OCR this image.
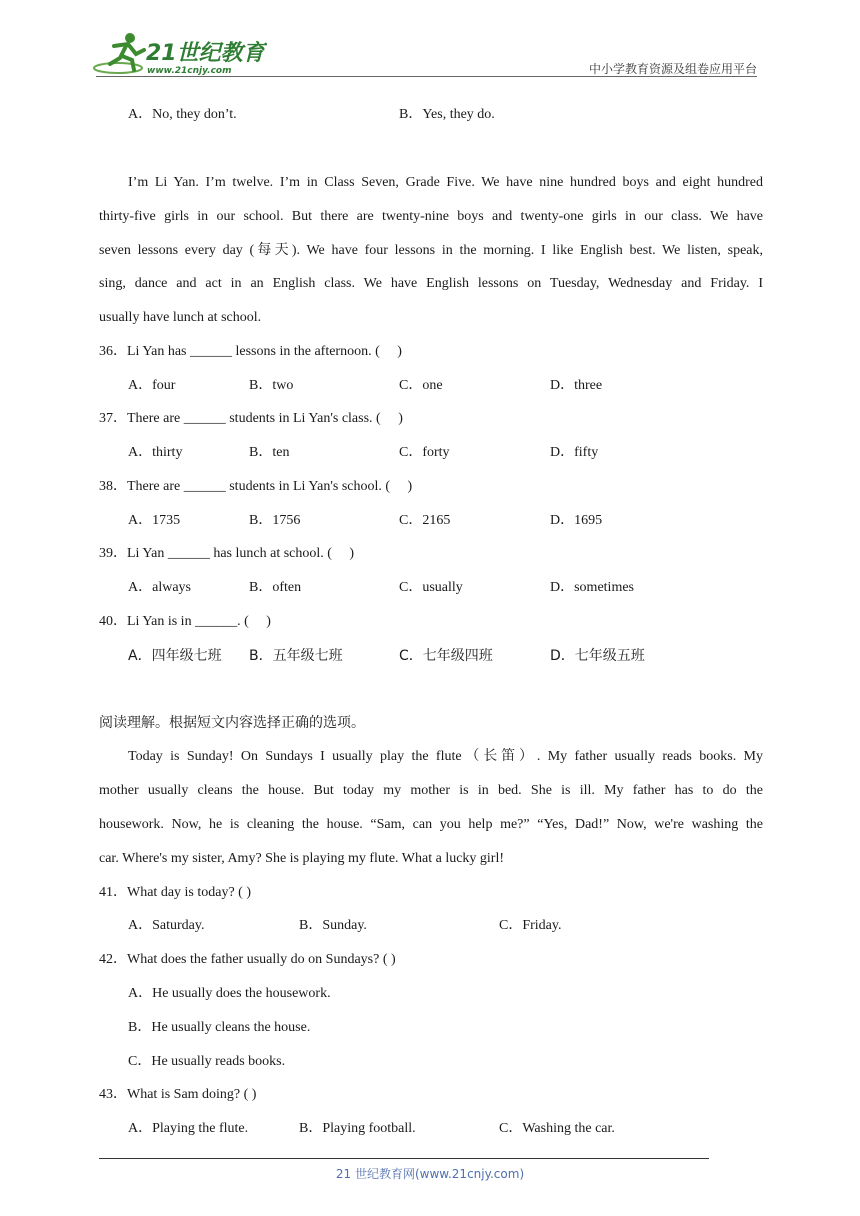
21世纪教育
www.21cnjy.com	中小学教育资源及组卷应用平台
A．No, they don’t.	B．Yes, they do.
I’m Li Yan. I’m twelve. I’m in Class Seven, Grade Five. We have nine hundred boys and eight hundred
thirty-five girls in our school. But there are twenty-nine boys and twenty-one girls in our class. We have
seven lessons every day (每天). We have four lessons in the morning. I like English best. We listen, speak,
sing, dance and act in an English class. We have English lessons on Tuesday, Wednesday and Friday. I
usually have lunch at school.
36．Li Yan has ______ lessons in the afternoon. (　 )
A．four	B．two	C．one	D．three
37．There are ______ students in Li Yan's class. (　 )
A．thirty	B．ten	C．forty	D．fifty
38．There are ______ students in Li Yan's school. (　 )
A．1735	B．1756	C．2165	D．1695
39．Li Yan ______ has lunch at school. (　 )
A．always	B．often	C．usually	D．sometimes
40．Li Yan is in ______. (　 )
A．四年级七班 B．五年级七班	C．七年级四班	D．七年级五班
阅读理解。根据短文内容选择正确的选项。
Today is Sunday! On Sundays I usually play the flute（长笛）. My father usually reads books. My
mother usually cleans the house. But today my mother is in bed. She is ill. My father has to do the
housework. Now, he is cleaning the house. “Sam, can you help me?” “Yes, Dad!” Now, we're washing the
car. Where's my sister, Amy? She is playing my flute. What a lucky girl!
41．What day is today? ( )
A．Saturday.	B．Sunday.	C．Friday.
42．What does the father usually do on Sundays? ( )
A．He usually does the housework.
B．He usually cleans the house.
C．He usually reads books.
43．What is Sam doing? ( )
A．Playing the flute.	B．Playing football.	C．Washing the car.
21 世纪教育网(www.21cnjy.com)
